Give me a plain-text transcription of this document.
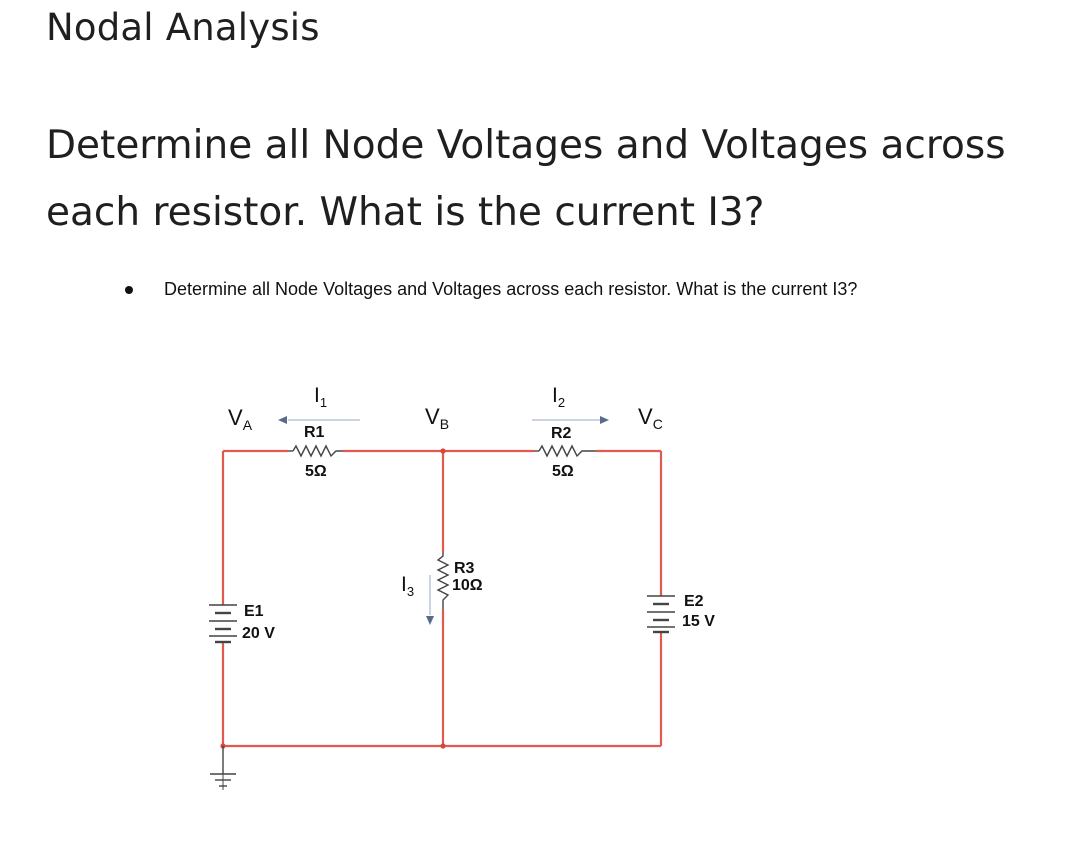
Nodal Analysis
Determine all Node Voltages and Voltages across each resistor. What is the current I3?
Determine all Node Voltages and Voltages across each resistor. What is the current I3?
$V_A$	$V_B$	$V_C$
$I_1$	$I_2$
$I_3$
R1
5Ω
R2
5Ω
R3
10Ω
E1
20 V
E2
15 V
